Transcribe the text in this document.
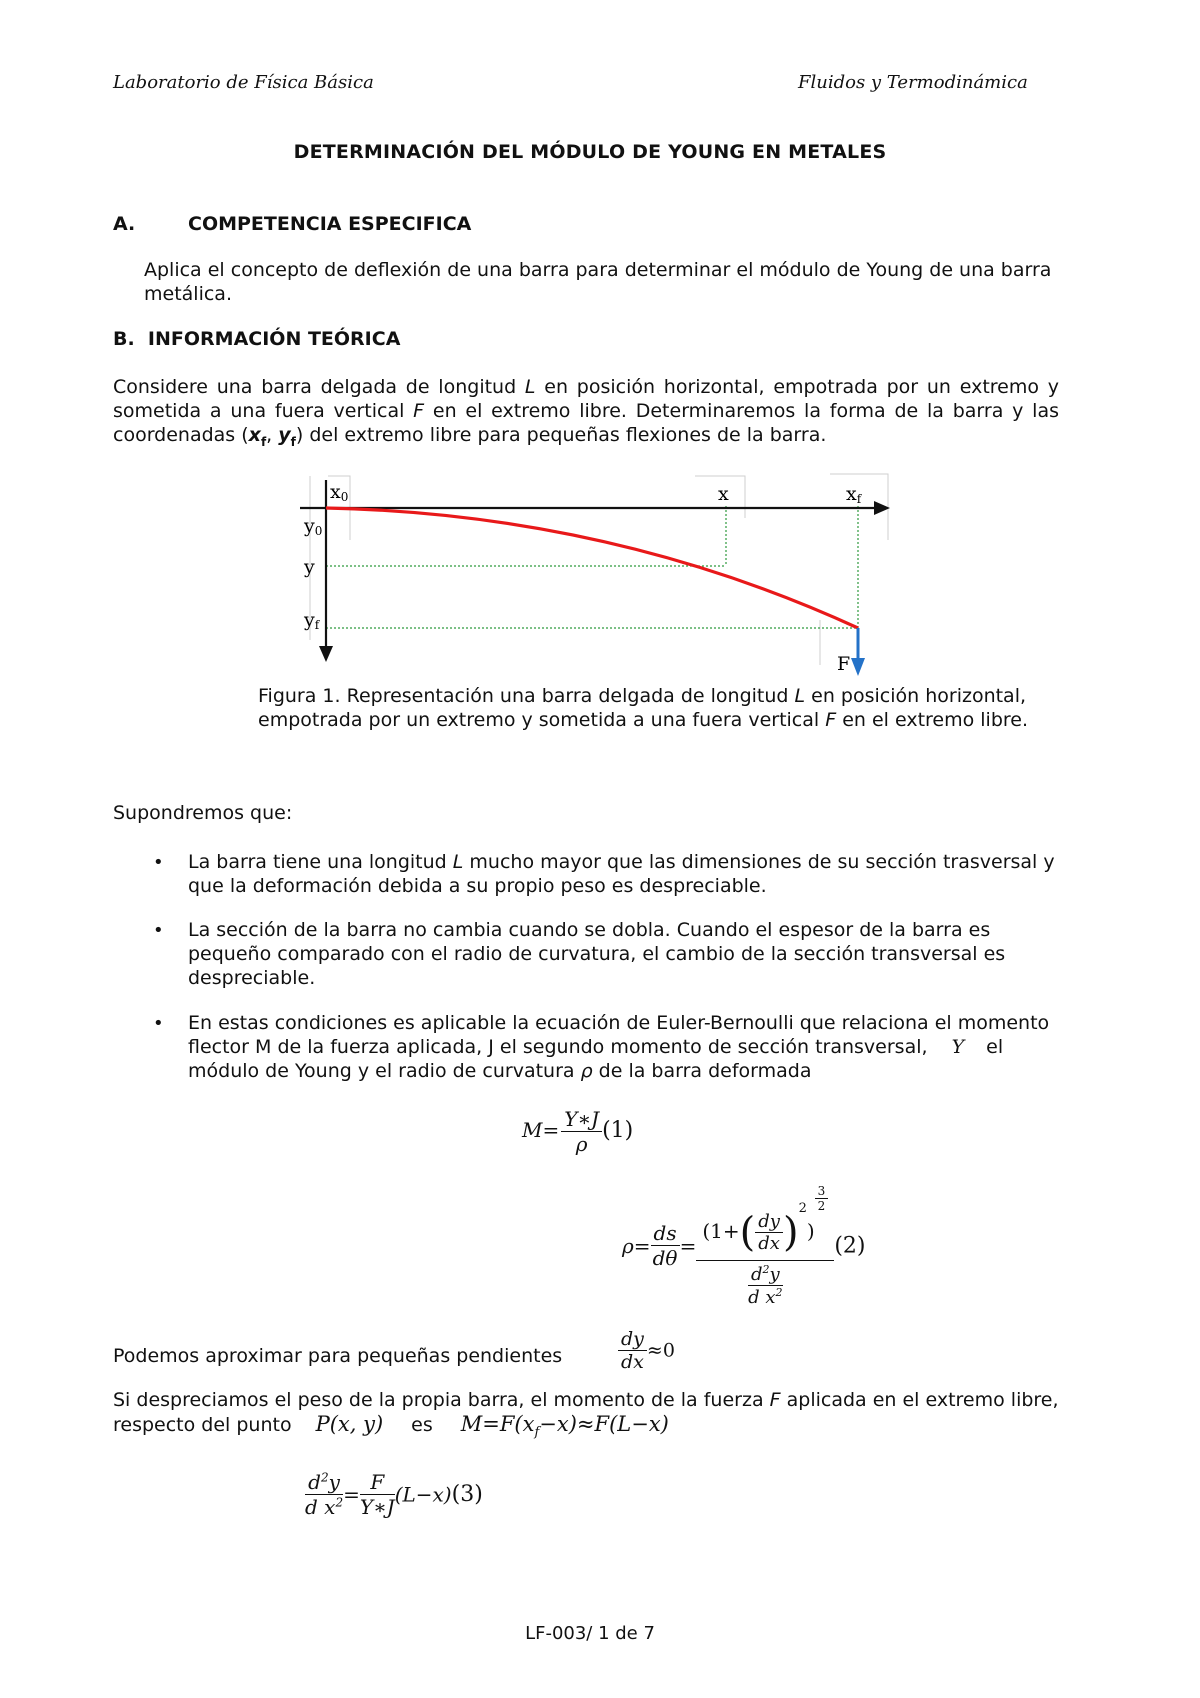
Laboratorio de Física Básica	Fluidos y Termodinámica
DETERMINACIÓN DEL MÓDULO DE YOUNG EN METALES
A.	COMPETENCIA ESPECIFICA
Aplica el concepto de deflexión de una barra para determinar el módulo de Young de una barra metálica.
B.  INFORMACIÓN TEÓRICA
Considere una barra delgada de longitud L en posición horizontal, empotrada por un extremo y sometida a una fuera vertical F en el extremo libre. Determinaremos la forma de la barra y las coordenadas ($x_f$, $y_f$) del extremo libre para pequeñas flexiones de la barra.
x0	x	xf
y0
y
yf
F
Figura 1. Representación una barra delgada de longitud L en posición horizontal, empotrada por un extremo y sometida a una fuera vertical F en el extremo libre.
Supondremos que:
• La barra tiene una longitud L mucho mayor que las dimensiones de su sección trasversal y que la deformación debida a su propio peso es despreciable.
• La sección de la barra no cambia cuando se dobla. Cuando el espesor de la barra es pequeño comparado con el radio de curvatura, el cambio de la sección transversal es despreciable.
• En estas condiciones es aplicable la ecuación de Euler-Bernoulli que relaciona el momento flector M de la fuerza aplicada, J el segundo momento de sección transversal, Y el módulo de Young y el radio de curvatura ρ de la barra deformada
$M= \frac{Y∗J}{\rho} (1)$
$\rho= \frac{ds}{d\theta} = (1+( \frac{dy}{dx} )^2)$
$^{\frac{3}{2}}$
$\frac{d^2y}{d x^2} (2)$
Podemos aproximar para pequeñas pendientes	$\frac{dy}{dx} \approx 0$
Si despreciamos el peso de la propia barra, el momento de la fuerza F aplicada en el extremo libre, respecto del punto P(x, y) es $M=F(x_f-x)\approx F(L-x)$
$\frac{d^2y}{d x^2} = \frac{F}{Y∗J} (L-x)(3)$
LF-003/ 1 de 7
